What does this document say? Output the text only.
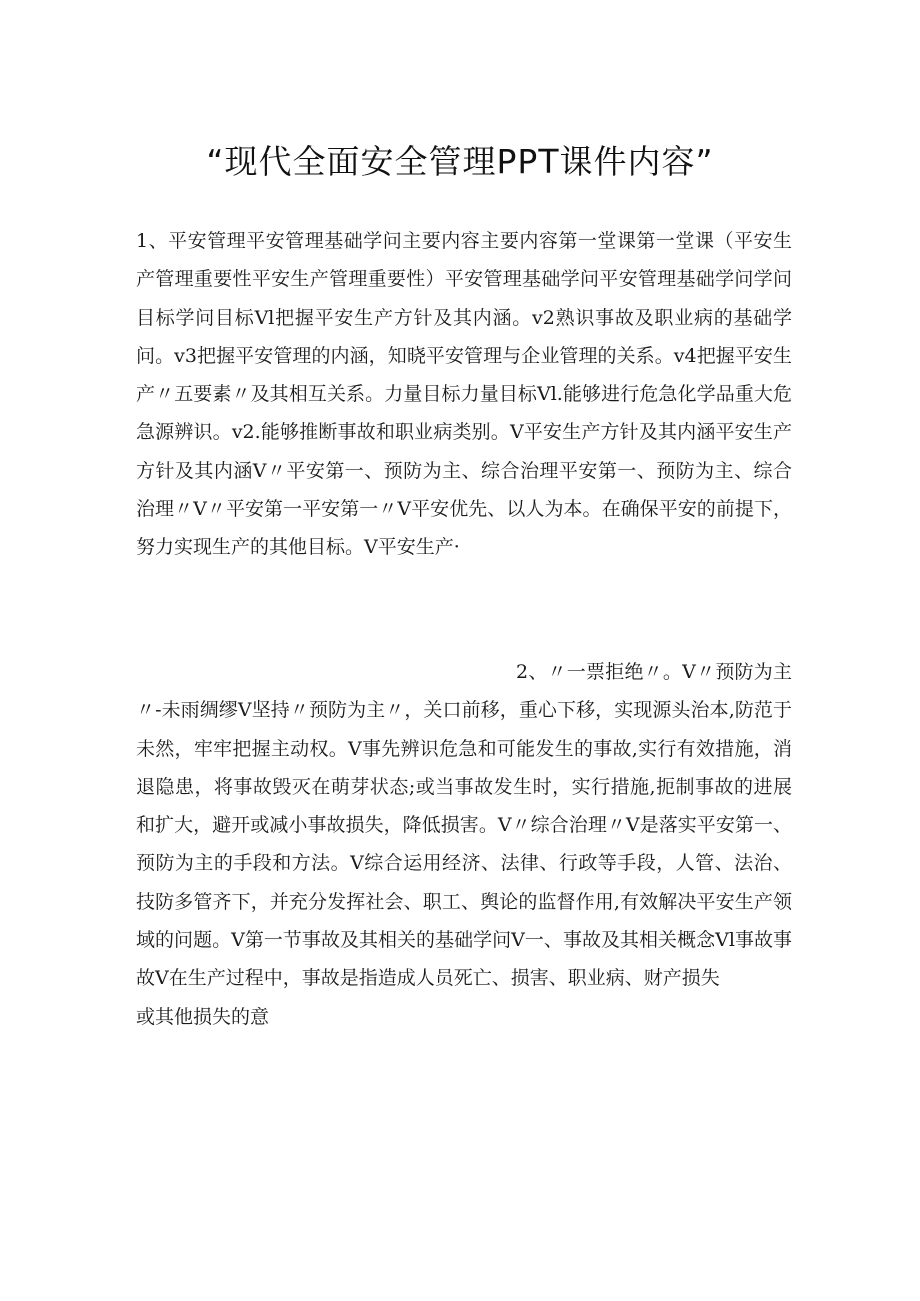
“现代全面安全管理PPT课件内容”

1、平安管理平安管理基础学问主要内容主要内容第一堂课第一堂课（平安生产管理重要性平安生产管理重要性）平安管理基础学问平安管理基础学问学问目标学问目标Vl把握平安生产方针及其内涵。v2熟识事故及职业病的基础学问。v3把握平安管理的内涵，知晓平安管理与企业管理的关系。v4把握平安生产〃五要素〃及其相互关系。力量目标力量目标Vl.能够进行危急化学品重大危急源辨识。v2.能够推断事故和职业病类别。V平安生产方针及其内涵平安生产方针及其内涵V〃平安第一、预防为主、综合治理平安第一、预防为主、综合治理〃V〃平安第一平安第一〃V平安优先、以人为本。在确保平安的前提下，努力实现生产的其他目标。V平安生产·

2、〃一票拒绝〃。V〃预防为主〃-未雨绸缪V坚持〃预防为主〃，关口前移，重心下移，实现源头治本,防范于未然，牢牢把握主动权。V事先辨识危急和可能发生的事故,实行有效措施，消退隐患，将事故毁灭在萌芽状态;或当事故发生时，实行措施,扼制事故的进展和扩大，避开或减小事故损失，降低损害。V〃综合治理〃V是落实平安第一、预防为主的手段和方法。V综合运用经济、法律、行政等手段，人管、法治、技防多管齐下，并充分发挥社会、职工、舆论的监督作用,有效解决平安生产领域的问题。V第一节事故及其相关的基础学问V一、事故及其相关概念Vl事故事故V在生产过程中，事故是指造成人员死亡、损害、职业病、财产损失

或其他损失的意
